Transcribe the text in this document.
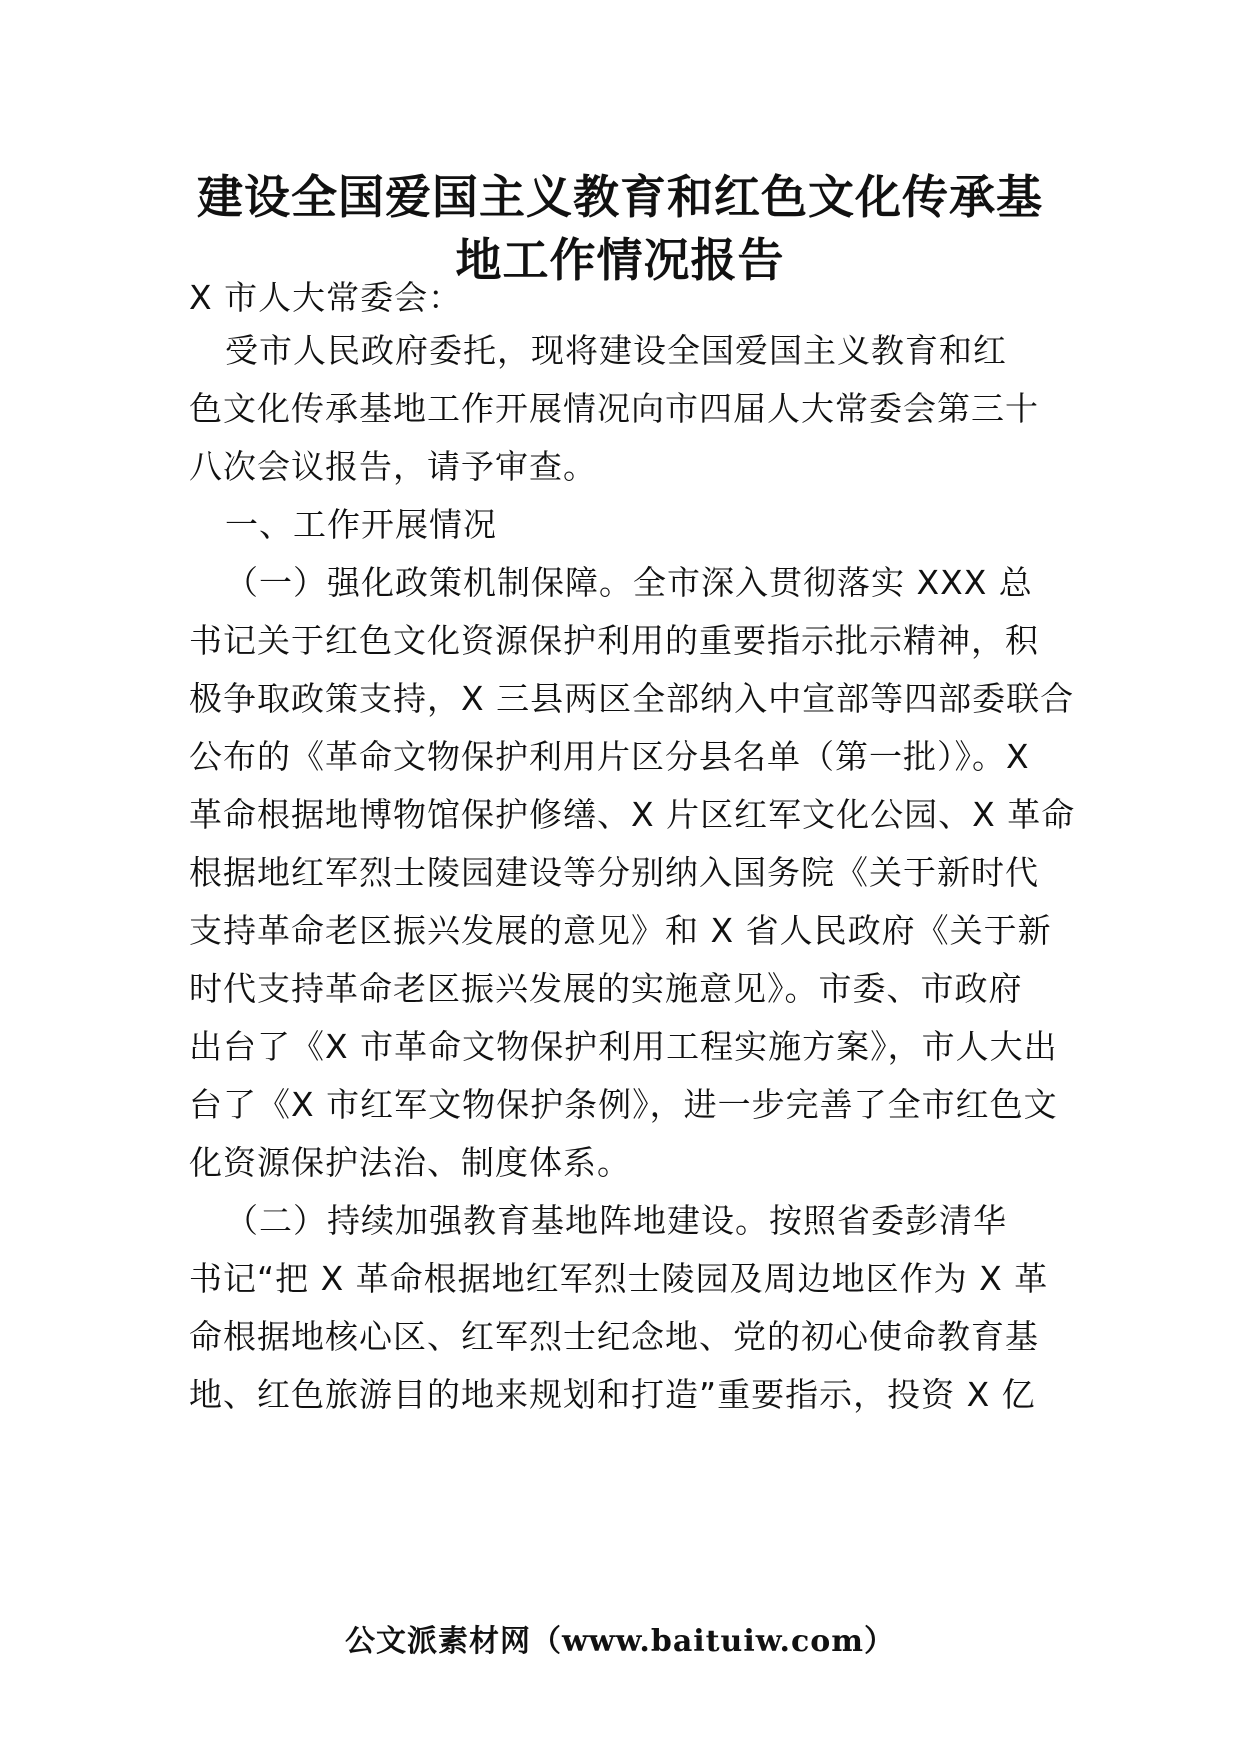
建设全国爱国主义教育和红色文化传承基
地工作情况报告
X 市人大常委会：
受市人民政府委托，现将建设全国爱国主义教育和红
色文化传承基地工作开展情况向市四届人大常委会第三十
八次会议报告，请予审查。
一、工作开展情况
（一）强化政策机制保障。全市深入贯彻落实 XXX 总
书记关于红色文化资源保护利用的重要指示批示精神，积
极争取政策支持，X 三县两区全部纳入中宣部等四部委联合
公布的《革命文物保护利用片区分县名单（第一批）》。X
革命根据地博物馆保护修缮、X 片区红军文化公园、X 革命
根据地红军烈士陵园建设等分别纳入国务院《关于新时代
支持革命老区振兴发展的意见》和 X 省人民政府《关于新
时代支持革命老区振兴发展的实施意见》。市委、市政府
出台了《X 市革命文物保护利用工程实施方案》，市人大出
台了《X 市红军文物保护条例》，进一步完善了全市红色文
化资源保护法治、制度体系。
（二）持续加强教育基地阵地建设。按照省委彭清华
书记“把 X 革命根据地红军烈士陵园及周边地区作为 X 革
命根据地核心区、红军烈士纪念地、党的初心使命教育基
地、红色旅游目的地来规划和打造”重要指示，投资 X 亿
公文派素材网（www.baituiw.com）
